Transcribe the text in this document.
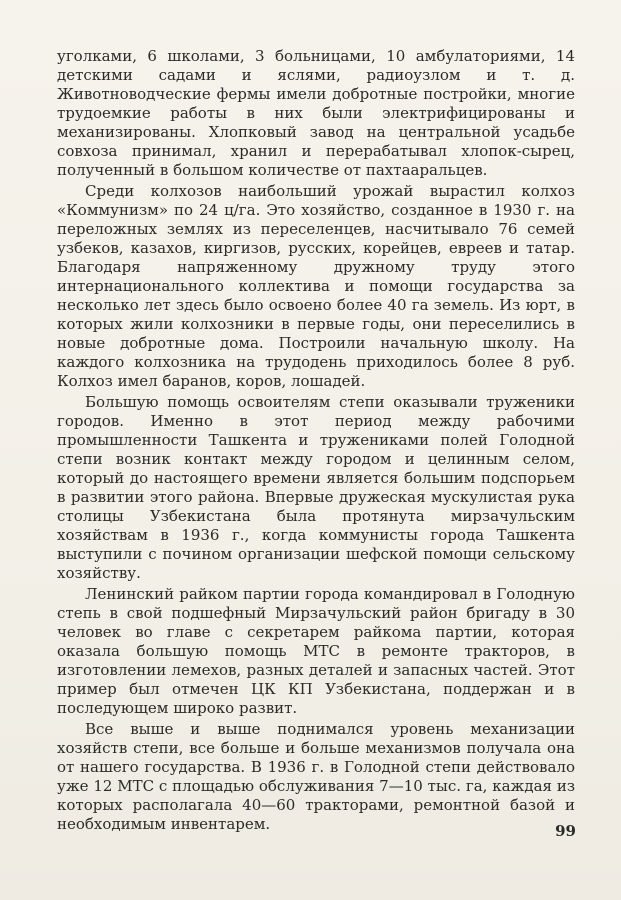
уголками, 6 школами, 3 больницами, 10 амбулаториями, 14 детскими садами и яслями, радиоузлом и т. д. Животноводческие фермы имели добротные постройки, многие трудоемкие работы в них были электрифицированы и механизированы. Хлопковый завод на центральной усадьбе совхоза принимал, хранил и перерабатывал хлопок-сырец, полученный в большом количестве от пахтааральцев.

Среди колхозов наибольший урожай вырастил колхоз «Коммунизм» по 24 ц/га. Это хозяйство, созданное в 1930 г. на переложных землях из переселенцев, насчитывало 76 семей узбеков, казахов, киргизов, русских, корейцев, евреев и татар. Благодаря напряженному дружному труду этого интернационального коллектива и помощи государства за несколько лет здесь было освоено более 40 га земель. Из юрт, в которых жили колхозники в первые годы, они переселились в новые добротные дома. Построили начальную школу. На каждого колхозника на трудодень приходилось более 8 руб. Колхоз имел баранов, коров, лошадей.

Большую помощь освоителям степи оказывали труженики городов. Именно в этот период между рабочими промышленности Ташкента и тружениками полей Голодной степи возник контакт между городом и целинным селом, который до настоящего времени является большим подспорьем в развитии этого района. Впервые дружеская мускулистая рука столицы Узбекистана была протянута мирзачульским хозяйствам в 1936 г., когда коммунисты города Ташкента выступили с почином организации шефской помощи сельскому хозяйству.

Ленинский райком партии города командировал в Голодную степь в свой подшефный Мирзачульский район бригаду в 30 человек во главе с секретарем райкома партии, которая оказала большую помощь МТС в ремонте тракторов, в изготовлении лемехов, разных деталей и запасных частей. Этот пример был отмечен ЦК КП Узбекистана, поддержан и в последующем широко развит.

Все выше и выше поднимался уровень механизации хозяйств степи, все больше и больше механизмов получала она от нашего государства. В 1936 г. в Голодной степи действовало уже 12 МТС с площадью обслуживания 7—10 тыс. га, каждая из которых располагала 40—60 тракторами, ремонтной базой и необходимым инвентарем.	99
